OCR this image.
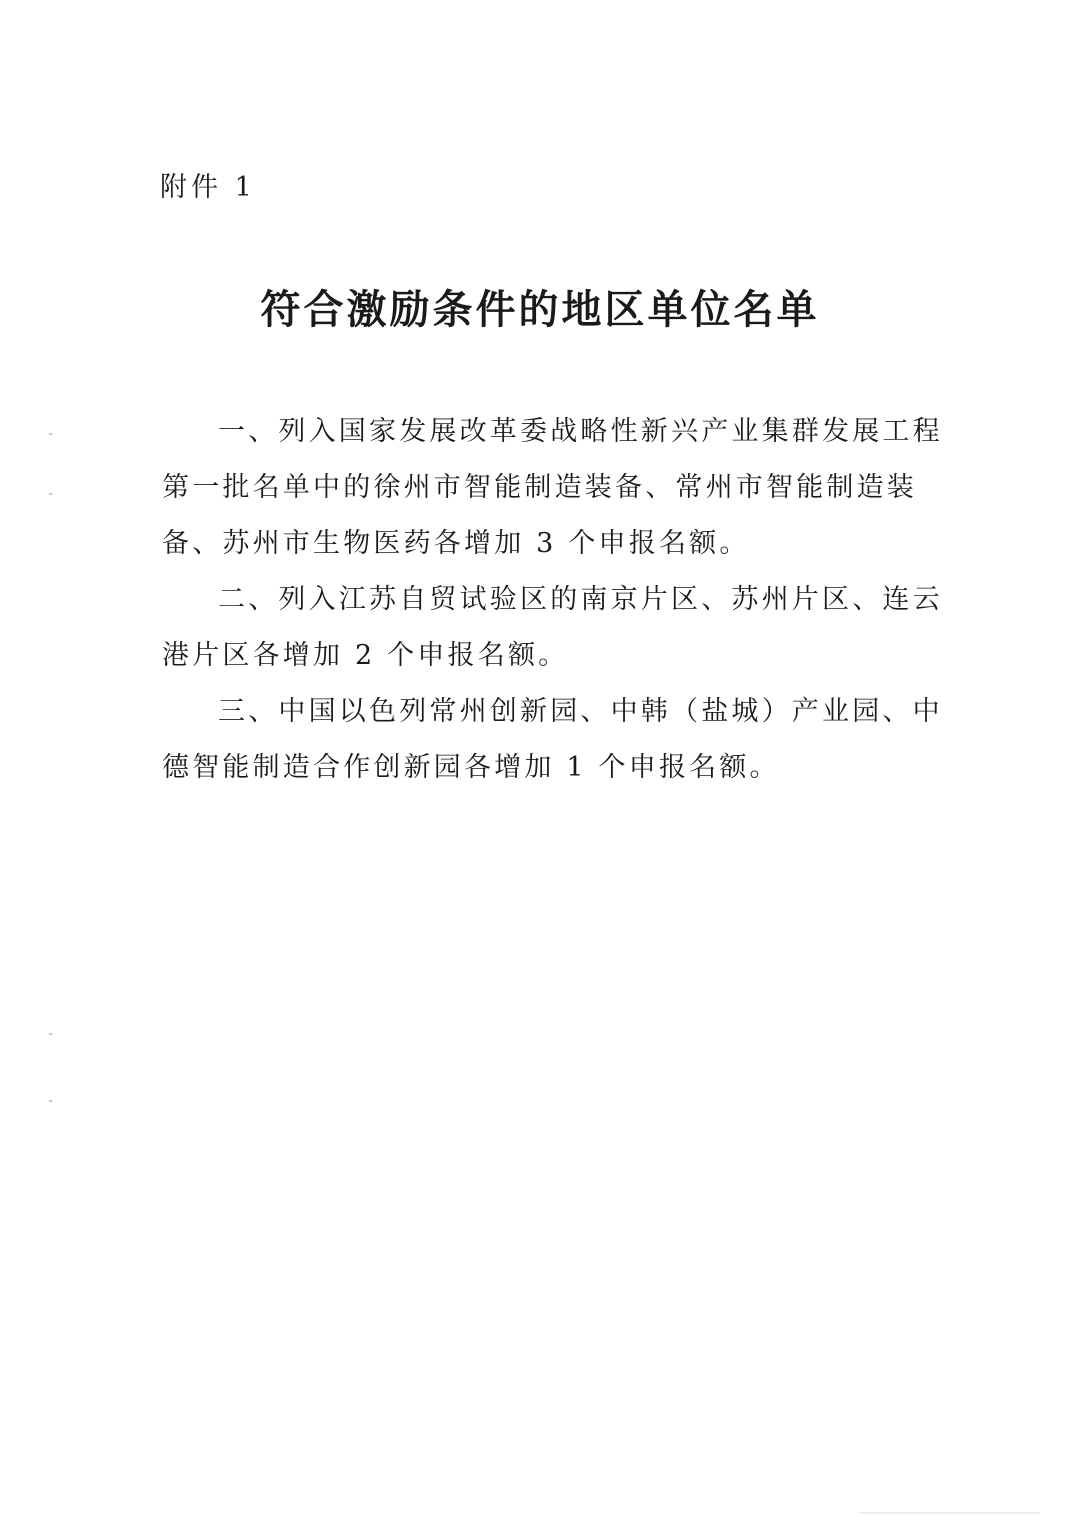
附件 1
符合激励条件的地区单位名单
一、列入国家发展改革委战略性新兴产业集群发展工程
第一批名单中的徐州市智能制造装备、常州市智能制造装
备、苏州市生物医药各增加 3 个申报名额。
二、列入江苏自贸试验区的南京片区、苏州片区、连云
港片区各增加 2 个申报名额。
三、中国以色列常州创新园、中韩（盐城）产业园、中
德智能制造合作创新园各增加 1 个申报名额。
